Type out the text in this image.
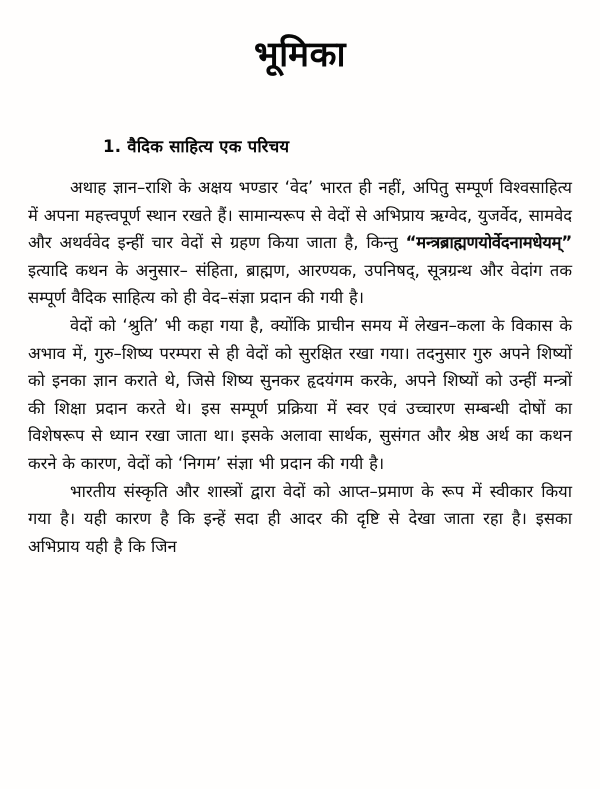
भूमिका
1. वैदिक साहित्य एक परिचय

अथाह ज्ञान–राशि के अक्षय भण्डार ‘वेद’ भारत ही नहीं, अपितु सम्पूर्ण विश्वसाहित्य में अपना महत्त्वपूर्ण स्थान रखते हैं। सामान्यरूप से वेदों से अभिप्राय ऋग्वेद, युजर्वेद, सामवेद और अथर्ववेद इन्हीं चार वेदों से ग्रहण किया जाता है, किन्तु “मन्त्रब्राह्मणयोर्वेदनामधेयम्” इत्यादि कथन के अनुसार– संहिता, ब्राह्मण, आरण्यक, उपनिषद्, सूत्रग्रन्थ और वेदांग तक सम्पूर्ण वैदिक साहित्य को ही वेद–संज्ञा प्रदान की गयी है।

वेदों को ‘श्रुति’ भी कहा गया है, क्योंकि प्राचीन समय में लेखन–कला के विकास के अभाव में, गुरु–शिष्य परम्परा से ही वेदों को सुरक्षित रखा गया। तदनुसार गुरु अपने शिष्यों को इनका ज्ञान कराते थे, जिसे शिष्य सुनकर हृदयंगम करके, अपने शिष्यों को उन्हीं मन्त्रों की शिक्षा प्रदान करते थे। इस सम्पूर्ण प्रक्रिया में स्वर एवं उच्चारण सम्बन्धी दोषों का विशेषरूप से ध्यान रखा जाता था। इसके अलावा सार्थक, सुसंगत और श्रेष्ठ अर्थ का कथन करने के कारण, वेदों को ‘निगम’ संज्ञा भी प्रदान की गयी है।

भारतीय संस्कृति और शास्त्रों द्वारा वेदों को आप्त–प्रमाण के रूप में स्वीकार किया गया है। यही कारण है कि इन्हें सदा ही आदर की दृष्टि से देखा जाता रहा है। इसका अभिप्राय यही है कि जिन
